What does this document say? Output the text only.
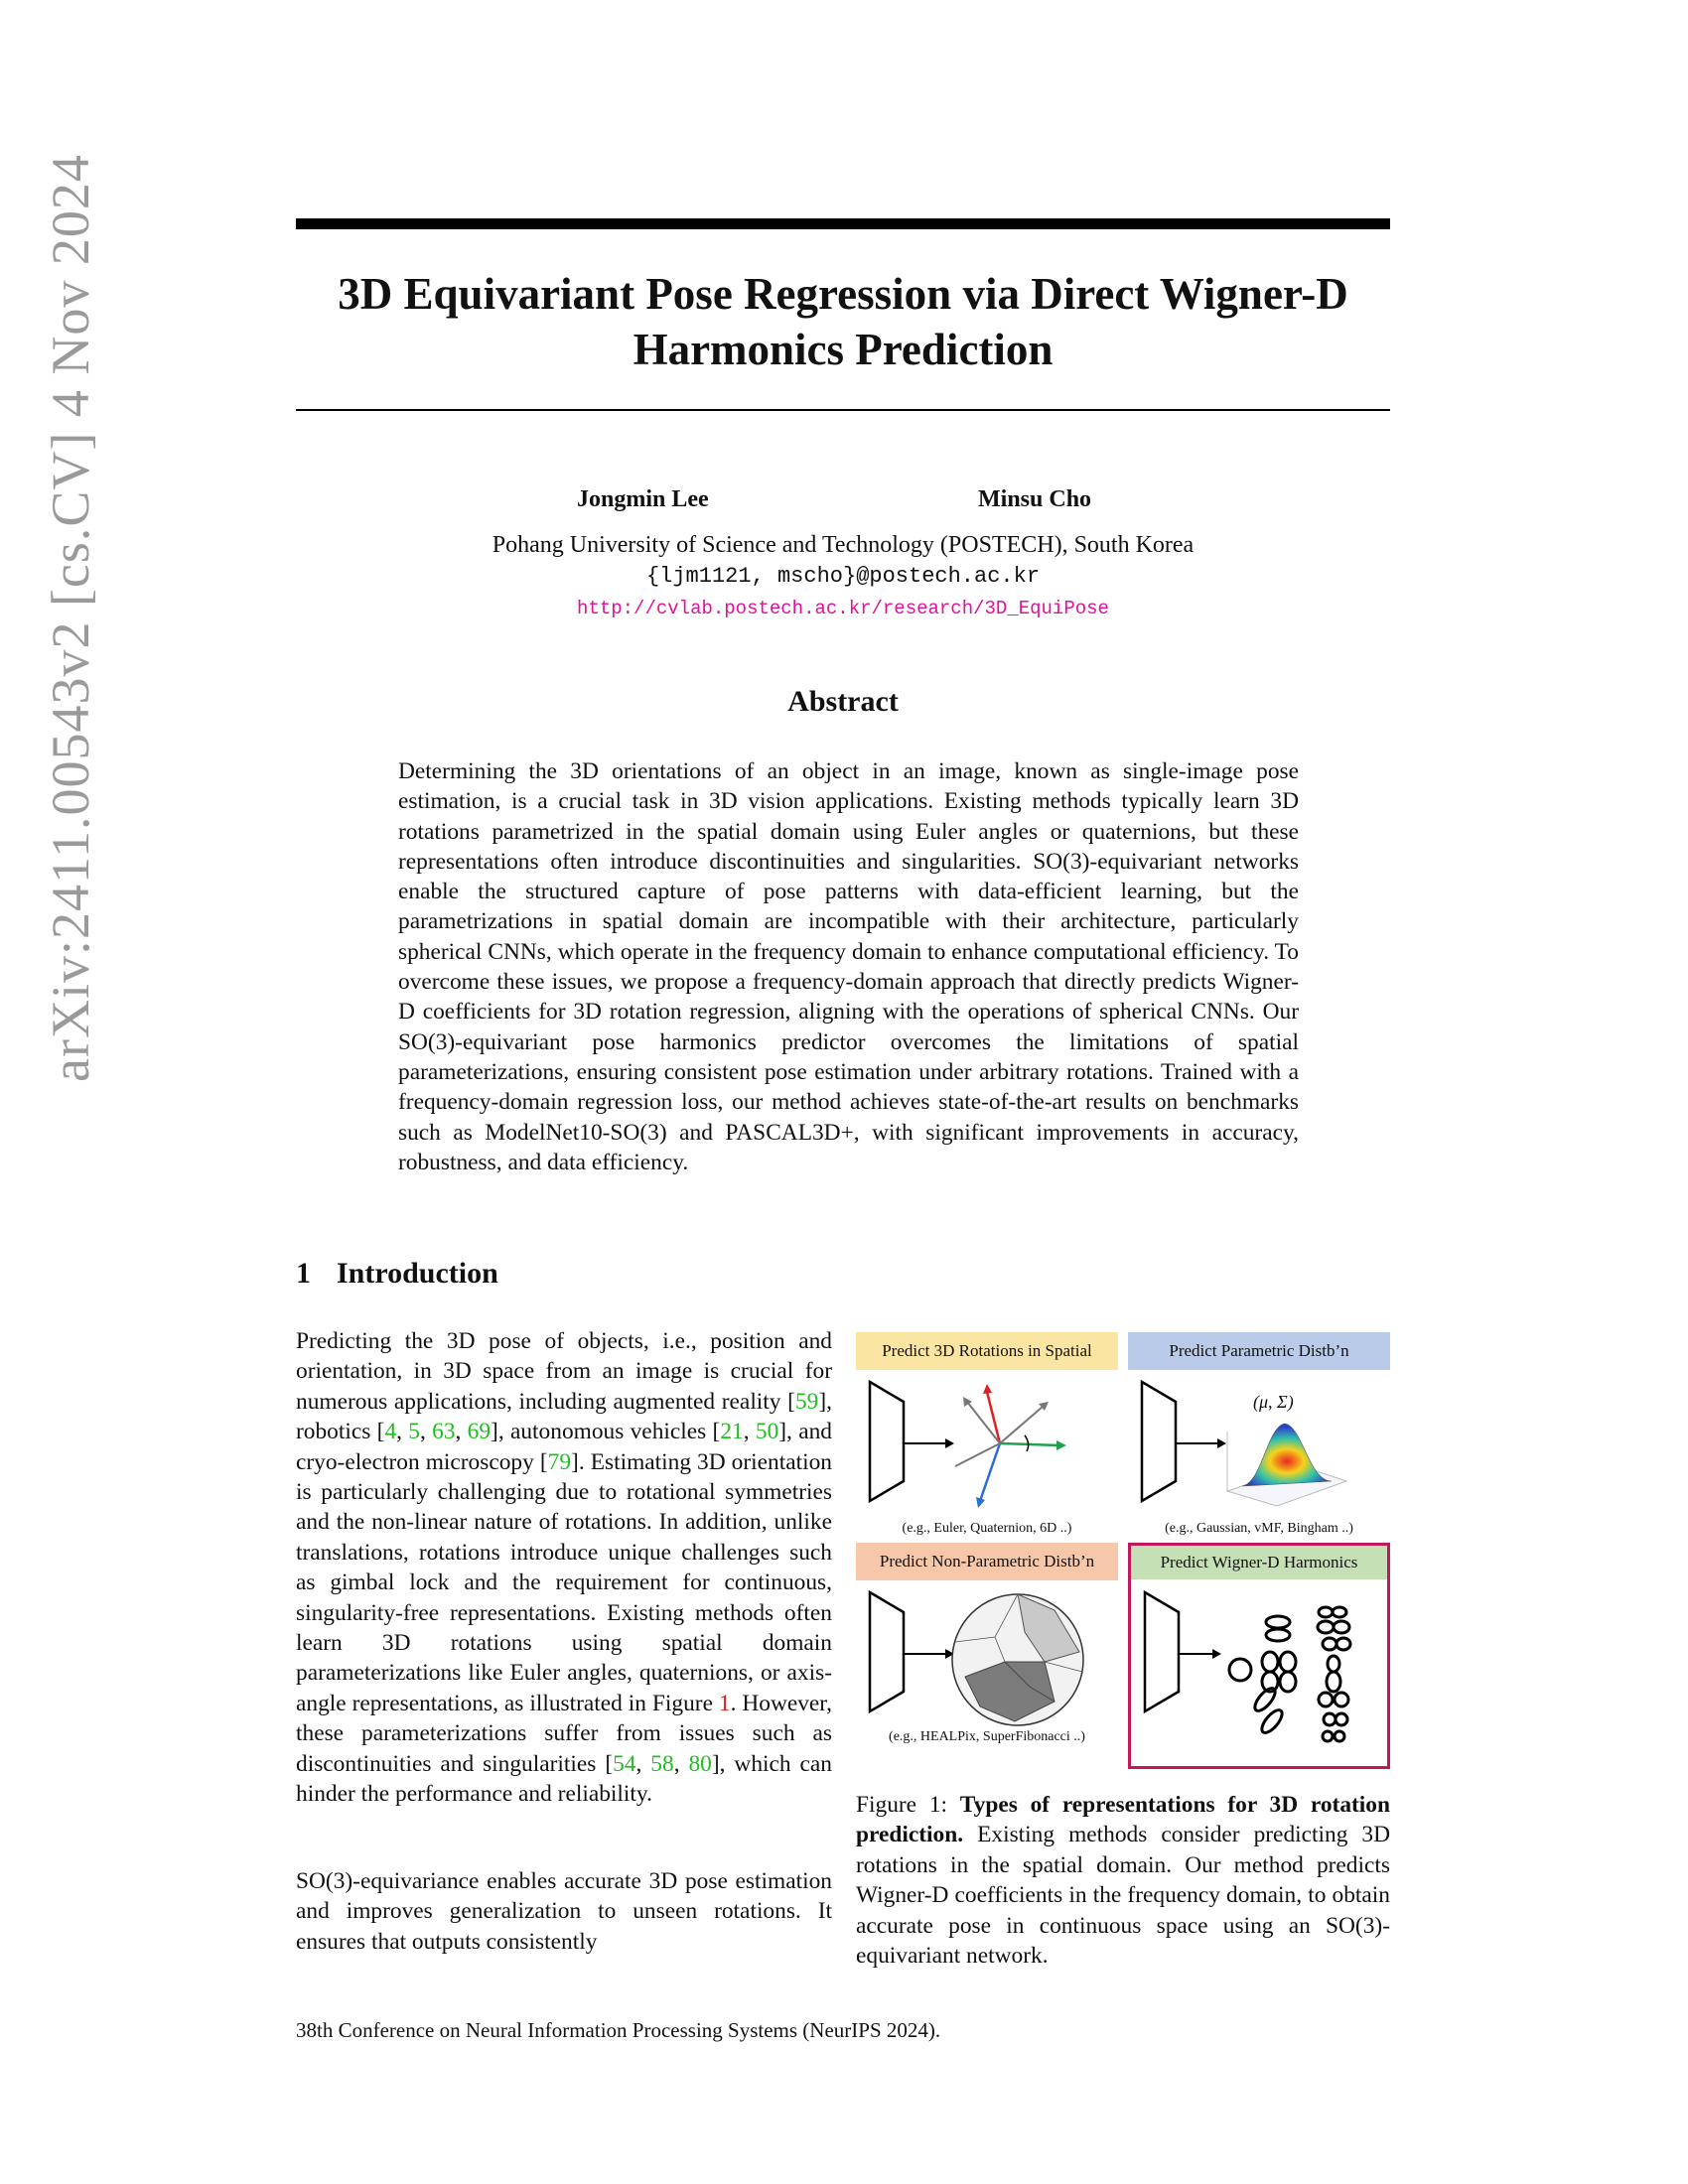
arXiv:2411.00543v2 [cs.CV] 4 Nov 2024	3D Equivariant Pose Regression via Direct Wigner-D
Harmonics Prediction
Jongmin Lee	Minsu Cho
Pohang University of Science and Technology (POSTECH), South Korea
{ljm1121, mscho}@postech.ac.kr
http://cvlab.postech.ac.kr/research/3D_EquiPose
Abstract
Determining the 3D orientations of an object in an image, known as single-image pose estimation, is a crucial task in 3D vision applications. Existing methods typically learn 3D rotations parametrized in the spatial domain using Euler angles or quaternions, but these representations often introduce discontinuities and singularities. SO(3)-equivariant networks enable the structured capture of pose patterns with data-efficient learning, but the parametrizations in spatial domain are incompatible with their architecture, particularly spherical CNNs, which operate in the frequency domain to enhance computational efficiency. To overcome these issues, we propose a frequency-domain approach that directly predicts Wigner-D coefficients for 3D rotation regression, aligning with the operations of spherical CNNs. Our SO(3)-equivariant pose harmonics predictor overcomes the limitations of spatial parameterizations, ensuring consistent pose estimation under arbitrary rotations. Trained with a frequency-domain regression loss, our method achieves state-of-the-art results on benchmarks such as ModelNet10-SO(3) and PASCAL3D+, with significant improvements in accuracy, robustness, and data efficiency.
1 Introduction
Predicting the 3D pose of objects, i.e., position and orientation, in 3D space from an image is crucial for numerous applications, including augmented reality [59], robotics [4, 5, 63, 69], autonomous vehicles [21, 50], and cryo-electron microscopy [79]. Estimating 3D orientation is particularly challenging due to rotational symmetries and the non-linear nature of rotations. In addition, unlike translations, rotations introduce unique challenges such as gimbal lock and the requirement for continuous, singularity-free representations. Existing methods often learn 3D rotations using spatial domain parameterizations like Euler angles, quaternions, or axis-angle representations, as illustrated in Figure 1. However, these parameterizations suffer from issues such as discontinuities and singularities [54, 58, 80], which can hinder the performance and reliability.
SO(3)-equivariance enables accurate 3D pose estimation and improves generalization to unseen rotations. It ensures that outputs consistently
Predict 3D Rotations in Spatial
(e.g., Euler, Quaternion, 6D ..)
Predict Parametric Distb’n
(μ, Σ)
(e.g., Gaussian, vMF, Bingham ..)
Predict Non-Parametric Distb’n
(e.g., HEALPix, SuperFibonacci ..)
Predict Wigner-D Harmonics
Figure 1: Types of representations for 3D rotation prediction. Existing methods consider predicting 3D rotations in the spatial domain. Our method predicts Wigner-D coefficients in the frequency domain, to obtain accurate pose in continuous space using an SO(3)-equivariant network.
38th Conference on Neural Information Processing Systems (NeurIPS 2024).
